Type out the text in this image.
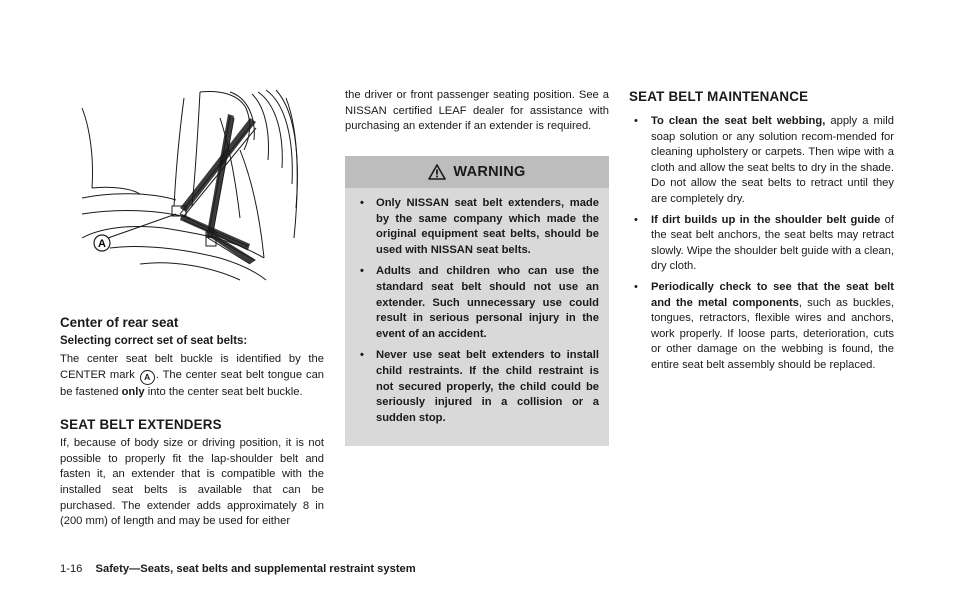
A
Center of rear seat
Selecting correct set of seat belts:

The center seat belt buckle is identified by the CENTER mark A . The center seat belt tongue can be fastened only into the center seat belt buckle.

SEAT BELT EXTENDERS

If, because of body size or driving position, it is not possible to properly fit the lap-shoulder belt and fasten it, an extender that is compatible with the installed seat belts is available that can be purchased. The extender adds approximately 8 in (200 mm) of length and may be used for either

the driver or front passenger seating position. See a NISSAN certified LEAF dealer for assistance with purchasing an extender if an extender is required.

WARNING
•	Only NISSAN seat belt extenders, made by the same company which made the original equipment seat belts, should be used with NISSAN seat belts.
•	Adults and children who can use the standard seat belt should not use an extender. Such unnecessary use could result in serious personal injury in the event of an accident.
•	Never use seat belt extenders to install child restraints. If the child restraint is not secured properly, the child could be seriously injured in a collision or a sudden stop.
SEAT BELT MAINTENANCE
•	To clean the seat belt webbing, apply a mild soap solution or any solution recom-mended for cleaning upholstery or carpets. Then wipe with a cloth and allow the seat belts to dry in the shade. Do not allow the seat belts to retract until they are completely dry.
•	If dirt builds up in the shoulder belt guide of the seat belt anchors, the seat belts may retract slowly. Wipe the shoulder belt guide with a clean, dry cloth.
•	Periodically check to see that the seat belt and the metal components, such as buckles, tongues, retractors, flexible wires and anchors, work properly. If loose parts, deterioration, cuts or other damage on the webbing is found, the entire seat belt assembly should be replaced.
1-16 Safety—Seats, seat belts and supplemental restraint system
